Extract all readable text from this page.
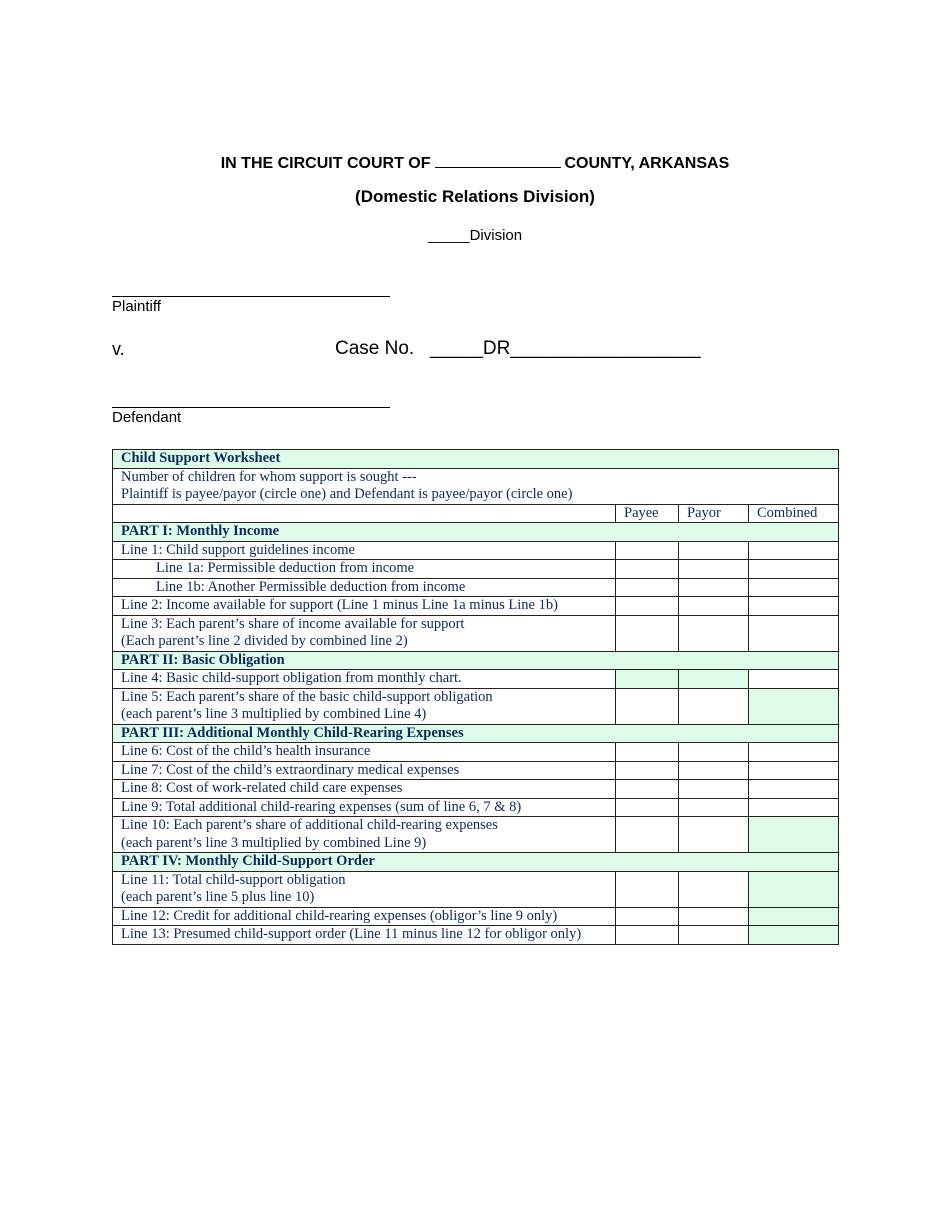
IN THE CIRCUIT COURT OF	COUNTY, ARKANSAS
(Domestic Relations Division)
_____Division
Plaintiff
v.	Case No.   _____DR__________________
Defendant
Child Support Worksheet			
Number of children for whom support is sought ---
Plaintiff is payee/payor (circle one) and Defendant is payee/payor (circle one)			
	Payee	Payor	Combined
PART I: Monthly Income			
Line 1: Child support guidelines income			
Line 1a: Permissible deduction from income			
Line 1b: Another Permissible deduction from income			
Line 2: Income available for support (Line 1 minus Line 1a minus Line 1b)			
Line 3: Each parent’s share of income available for support
(Each parent’s line 2 divided by combined line 2)			
PART II: Basic Obligation			
Line 4: Basic child-support obligation from monthly chart.			
Line 5: Each parent’s share of the basic child-support obligation
(each parent’s line 3 multiplied by combined Line 4)			
PART III: Additional Monthly Child-Rearing Expenses			
Line 6: Cost of the child’s health insurance			
Line 7: Cost of the child’s extraordinary medical expenses			
Line 8: Cost of work-related child care expenses			
Line 9: Total additional child-rearing expenses (sum of line 6, 7 & 8)			
Line 10: Each parent’s share of additional child-rearing expenses
(each parent’s line 3 multiplied by combined Line 9)			
PART IV: Monthly Child-Support Order			
Line 11: Total child-support obligation
(each parent’s line 5 plus line 10)			
Line 12: Credit for additional child-rearing expenses (obligor’s line 9 only)			
Line 13: Presumed child-support order (Line 11 minus line 12 for obligor only)			
